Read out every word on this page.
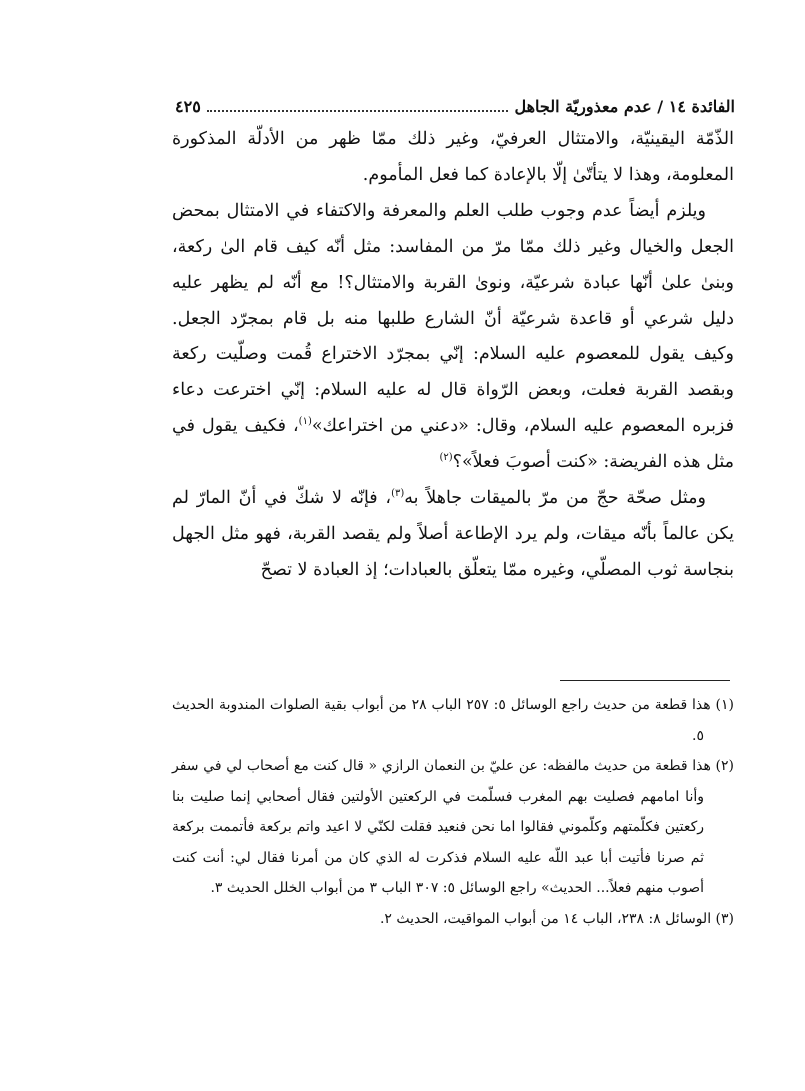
الفائدة ١٤ / عدم معذوريّة الجاهل
٤٢٥

الذّمّة اليقينيّة، والامتثال العرفيّ، وغير ذلك ممّا ظهر من الأدلّة المذكورة المعلومة، وهذا لا يتأتّىٰ إلّا بالإعادة كما فعل المأموم.

ويلزم أيضاً عدم وجوب طلب العلم والمعرفة والاكتفاء في الامتثال بمحض الجعل والخيال وغير ذلك ممّا مرّ من المفاسد: مثل أنّه كيف قام الىٰ ركعة، وبنىٰ علىٰ أنّها عبادة شرعيّة، ونوىٰ القربة والامتثال؟! مع أنّه لم يظهر عليه دليل شرعي أو قاعدة شرعيّة أنّ الشارع طلبها منه بل قام بمجرّد الجعل. وكيف يقول للمعصوم عليه السلام: إنّي بمجرّد الاختراع قُمت وصلّيت ركعة وبقصد القربة فعلت، وبعض الرّواة قال له عليه السلام: إنّي اخترعت دعاء فزبره المعصوم عليه السلام، وقال: «دعني من اختراعك»$^{(١)}$، فكيف يقول في مثل هذه الفريضة: «كنت أصوبَ فعلاً»؟$^{(٢)}$

ومثل صحّة حجّ من مرّ بالميقات جاهلاً به$^{(٣)}$، فإنّه لا شكّ في أنّ المارّ لم يكن عالماً بأنّه ميقات، ولم يرد الإطاعة أصلاً ولم يقصد القربة، فهو مثل الجهل بنجاسة ثوب المصلّي، وغيره ممّا يتعلّق بالعبادات؛ إذ العبادة لا تصحّ

(١) هذا قطعة من حديث راجع الوسائل ٥: ٢٥٧ الباب ٢٨ من أبواب بقية الصلوات المندوبة الحديث ٥.

(٢) هذا قطعة من حديث مالفظه: عن عليّ بن النعمان الرازي « قال كنت مع أصحاب لي في سفر وأنا امامهم فصليت بهم المغرب فسلّمت في الركعتين الأولتين فقال أصحابي إنما صليت بنا ركعتين فكلّمتهم وكلّموني فقالوا اما نحن فنعيد فقلت لكنّي لا اعيد واتم بركعة فأتممت بركعة ثم صرنا فأتيت أبا عبد اللّه عليه السلام فذكرت له الذي كان من أمرنا فقال لي: أنت كنت أصوب منهم فعلاً... الحديث» راجع الوسائل ٥: ٣٠٧ الباب ٣ من أبواب الخلل الحديث ٣.

(٣) الوسائل ٨: ٢٣٨، الباب ١٤ من أبواب المواقيت، الحديث ٢.
